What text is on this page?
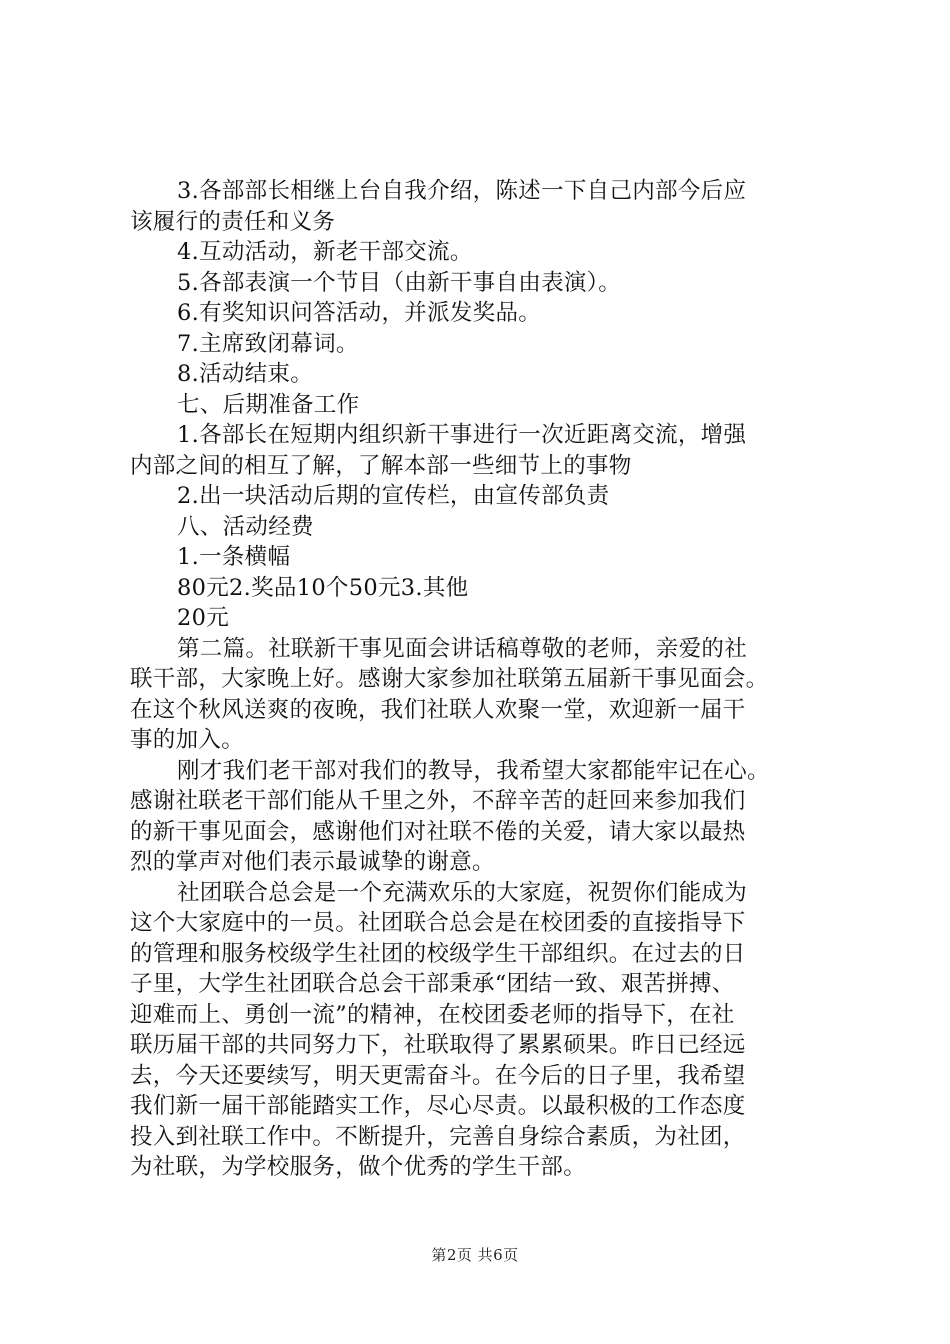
3.各部部长相继上台自我介绍，陈述一下自己内部今后应
该履行的责任和义务
4.互动活动，新老干部交流。
5.各部表演一个节目（由新干事自由表演）。
6.有奖知识问答活动，并派发奖品。
7.主席致闭幕词。
8.活动结束。
七、后期准备工作
1.各部长在短期内组织新干事进行一次近距离交流，增强
内部之间的相互了解，了解本部一些细节上的事物
2.出一块活动后期的宣传栏，由宣传部负责
八、活动经费
1.一条横幅
80元2.奖品10个50元3.其他
20元
第二篇。社联新干事见面会讲话稿尊敬的老师，亲爱的社
联干部，大家晚上好。感谢大家参加社联第五届新干事见面会。
在这个秋风送爽的夜晚，我们社联人欢聚一堂，欢迎新一届干
事的加入。
刚才我们老干部对我们的教导，我希望大家都能牢记在心。
感谢社联老干部们能从千里之外，不辞辛苦的赶回来参加我们
的新干事见面会，感谢他们对社联不倦的关爱，请大家以最热
烈的掌声对他们表示最诚挚的谢意。
社团联合总会是一个充满欢乐的大家庭，祝贺你们能成为
这个大家庭中的一员。社团联合总会是在校团委的直接指导下
的管理和服务校级学生社团的校级学生干部组织。在过去的日
子里，大学生社团联合总会干部秉承“团结一致、艰苦拼搏、
迎难而上、勇创一流”的精神，在校团委老师的指导下，在社
联历届干部的共同努力下，社联取得了累累硕果。昨日已经远
去，今天还要续写，明天更需奋斗。在今后的日子里，我希望
我们新一届干部能踏实工作，尽心尽责。以最积极的工作态度
投入到社联工作中。不断提升，完善自身综合素质，为社团，
为社联，为学校服务，做个优秀的学生干部。
第2页 共6页
